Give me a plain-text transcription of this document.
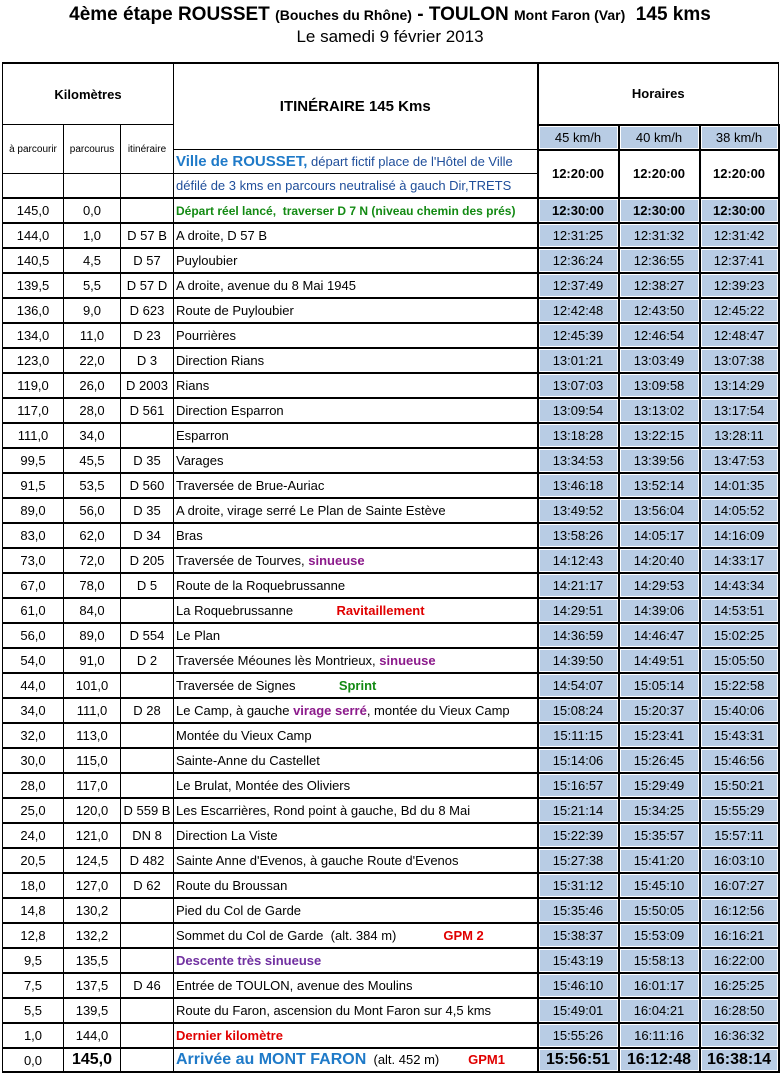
4ème étape ROUSSET (Bouches du Rhône) - TOULON Mont Faron (Var)  145 kms
Le samedi 9 février 2013
Kilomètres			ITINÉRAIRE 145 Kms	Horaires		
à parcourir	parcourus	itinéraire		45 km/h	40 km/h	38 km/h
			Ville de ROUSSET, départ fictif place de l'Hôtel de Ville	12:20:00	12:20:00	12:20:00
			défilé de 3 kms en parcours neutralisé à gauch Dir,TRETS			
145,0	0,0		Départ réel lancé,  traverser D 7 N (niveau chemin des prés)	12:30:00	12:30:00	12:30:00
144,0	1,0	D 57 B	A droite, D 57 B	12:31:25	12:31:32	12:31:42
140,5	4,5	D 57	Puyloubier	12:36:24	12:36:55	12:37:41
139,5	5,5	D 57 D	A droite, avenue du 8 Mai 1945	12:37:49	12:38:27	12:39:23
136,0	9,0	D 623	Route de Puyloubier	12:42:48	12:43:50	12:45:22
134,0	11,0	D 23	Pourrières	12:45:39	12:46:54	12:48:47
123,0	22,0	D 3	Direction Rians	13:01:21	13:03:49	13:07:38
119,0	26,0	D 2003	Rians	13:07:03	13:09:58	13:14:29
117,0	28,0	D 561	Direction Esparron	13:09:54	13:13:02	13:17:54
111,0	34,0		Esparron	13:18:28	13:22:15	13:28:11
99,5	45,5	D 35	Varages	13:34:53	13:39:56	13:47:53
91,5	53,5	D 560	Traversée de Brue-Auriac	13:46:18	13:52:14	14:01:35
89,0	56,0	D 35	A droite, virage serré Le Plan de Sainte Estève	13:49:52	13:56:04	14:05:52
83,0	62,0	D 34	Bras	13:58:26	14:05:17	14:16:09
73,0	72,0	D 205	Traversée de Tourves, sinueuse	14:12:43	14:20:40	14:33:17
67,0	78,0	D 5	Route de la Roquebrussanne	14:21:17	14:29:53	14:43:34
61,0	84,0		La Roquebrussanne            Ravitaillement	14:29:51	14:39:06	14:53:51
56,0	89,0	D 554	Le Plan	14:36:59	14:46:47	15:02:25
54,0	91,0	D 2	Traversée Méounes lès Montrieux, sinueuse	14:39:50	14:49:51	15:05:50
44,0	101,0		Traversée de Signes            Sprint	14:54:07	15:05:14	15:22:58
34,0	111,0	D 28	Le Camp, à gauche virage serré, montée du Vieux Camp	15:08:24	15:20:37	15:40:06
32,0	113,0		Montée du Vieux Camp	15:11:15	15:23:41	15:43:31
30,0	115,0		Sainte-Anne du Castellet	15:14:06	15:26:45	15:46:56
28,0	117,0		Le Brulat, Montée des Oliviers	15:16:57	15:29:49	15:50:21
25,0	120,0	D 559 B	Les Escarrières, Rond point à gauche, Bd du 8 Mai	15:21:14	15:34:25	15:55:29
24,0	121,0	DN 8	Direction La Viste	15:22:39	15:35:57	15:57:11
20,5	124,5	D 482	Sainte Anne d'Evenos, à gauche Route d'Evenos	15:27:38	15:41:20	16:03:10
18,0	127,0	D 62	Route du Broussan	15:31:12	15:45:10	16:07:27
14,8	130,2		Pied du Col de Garde	15:35:46	15:50:05	16:12:56
12,8	132,2		Sommet du Col de Garde  (alt. 384 m)             GPM 2	15:38:37	15:53:09	16:16:21
9,5	135,5		Descente très sinueuse	15:43:19	15:58:13	16:22:00
7,5	137,5	D 46	Entrée de TOULON, avenue des Moulins	15:46:10	16:01:17	16:25:25
5,5	139,5		Route du Faron, ascension du Mont Faron sur 4,5 kms	15:49:01	16:04:21	16:28:50
1,0	144,0		Dernier kilomètre	15:55:26	16:11:16	16:36:32
0,0	145,0		Arrivée au MONT FARON  (alt. 452 m)        GPM1	15:56:51	16:12:48	16:38:14
